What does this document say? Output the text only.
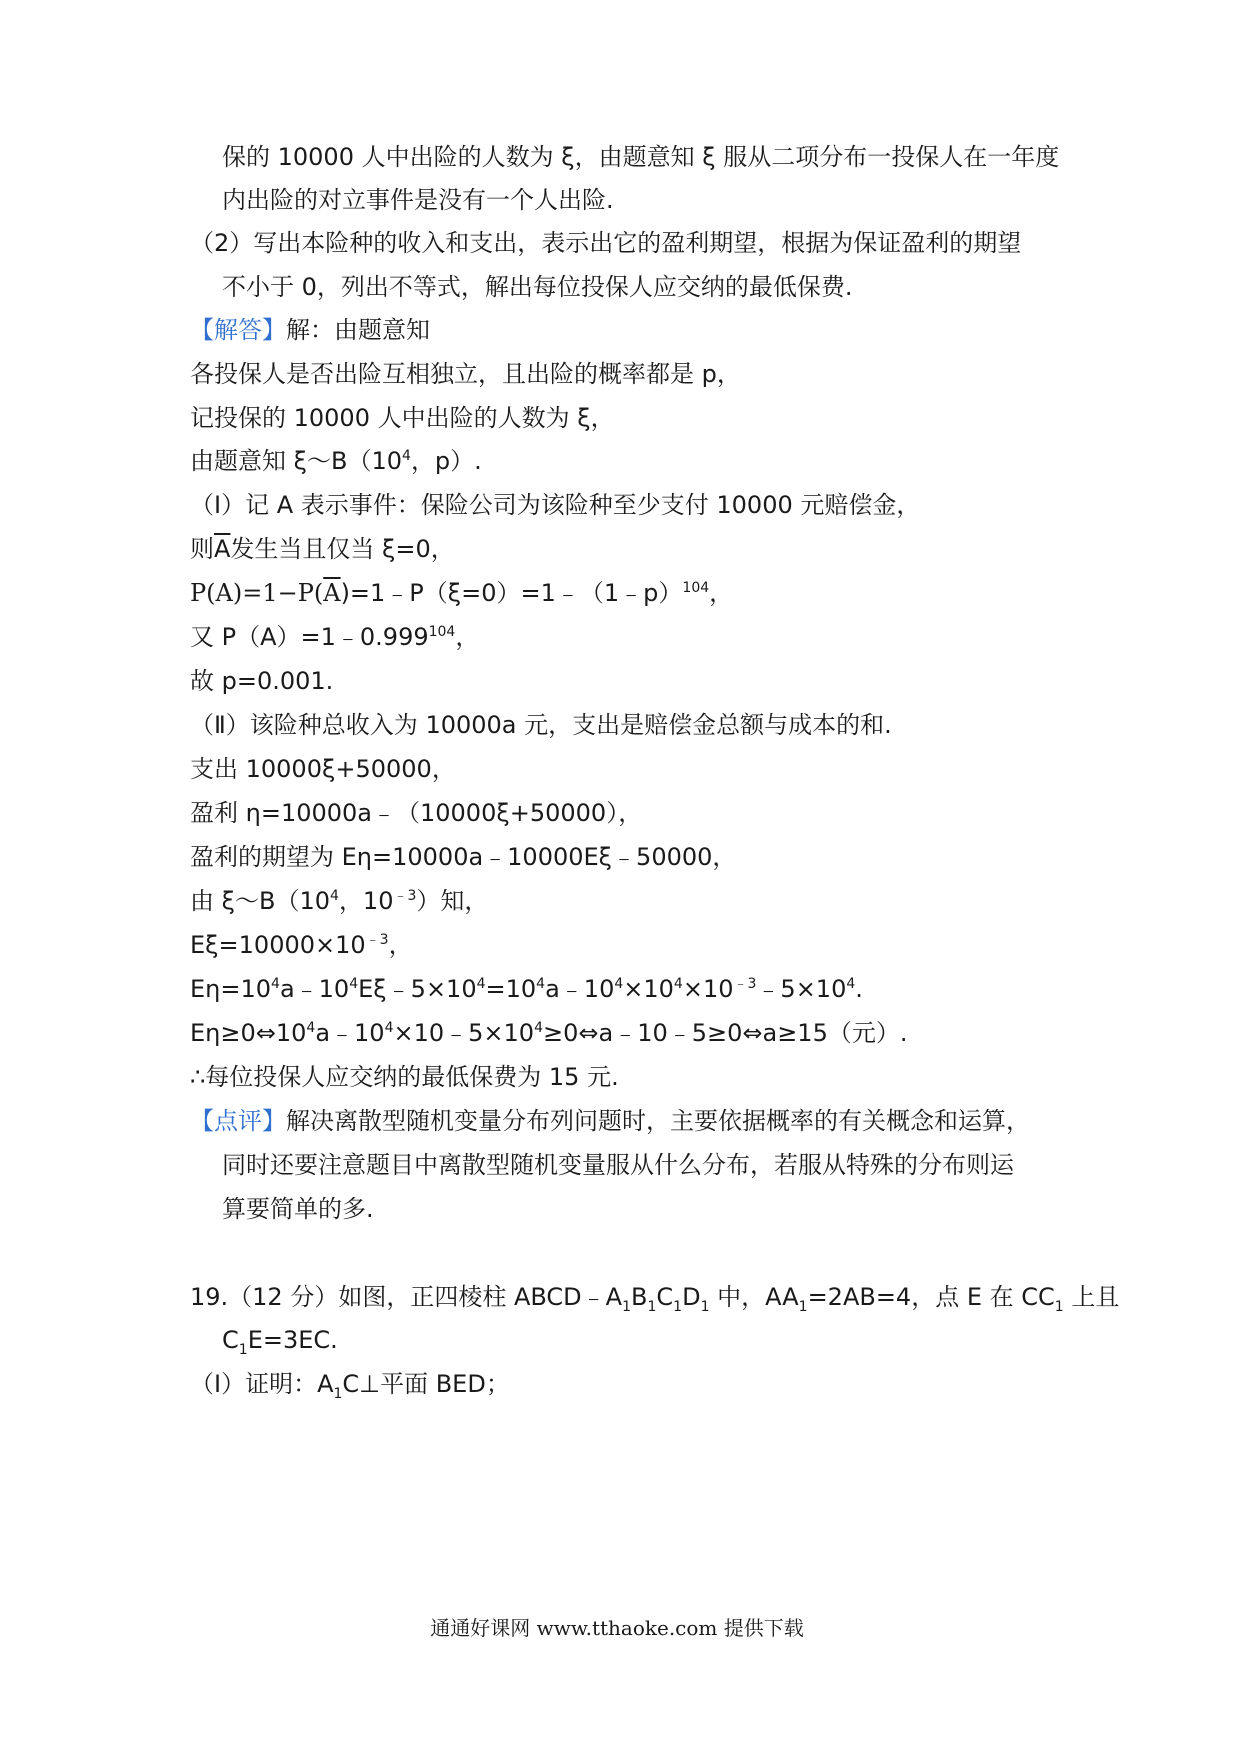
保的 10000 人中出险的人数为 ξ，由题意知 ξ 服从二项分布一投保人在一年度
内出险的对立事件是没有一个人出险.
（2）写出本险种的收入和支出，表示出它的盈利期望，根据为保证盈利的期望
不小于 0，列出不等式，解出每位投保人应交纳的最低保费.
【解答】解：由题意知
各投保人是否出险互相独立，且出险的概率都是 p，
记投保的 10000 人中出险的人数为 ξ，
由题意知 $\xi\sim B(10^4$，p）.
（Ⅰ）记 A 表示事件：保险公司为该险种至少支付 10000 元赔偿金，
则$\overline{A}$发生当且仅当 ξ=0，
$P(A)=1-P(\overline{A})=1﹣P(\xi=0)=1﹣(1﹣p)^{104}$，
又 $P(A)=1﹣0.999^{104}$，
故 p=0.001.
（Ⅱ）该险种总收入为 10000a 元，支出是赔偿金总额与成本的和.
支出 10000ξ+50000，
盈利 η=10000a﹣（10000ξ+50000），
盈利的期望为 Eη=10000a﹣10000Eξ﹣50000，
由 $\xi\sim B(10^4$，$10^{﹣3}$）知，
$E\xi=10000\times 10^{﹣3}$，
$E\eta=10^4a﹣10^4E\xi﹣5\times 10^4=10^4a﹣10^4\times 10^4\times 10^{﹣3}﹣5\times 10^4$.
$E\eta\ge 0\Leftrightarrow 10^4a﹣10^4\times 10﹣5\times 10^4\ge 0\Leftrightarrow a﹣10﹣5\ge 0\Leftrightarrow a\ge 15$（元）.
∴每位投保人应交纳的最低保费为 15 元.
【点评】解决离散型随机变量分布列问题时，主要依据概率的有关概念和运算，
同时还要注意题目中离散型随机变量服从什么分布，若服从特殊的分布则运
算要简单的多.
19.（12 分）如图，正四棱柱 $ABCD﹣A_1B_1C_1D_1$ 中，$AA_1=2AB=4$，点 E 在 $CC_1$ 上且
$C_1E=3EC$.
（Ⅰ）证明：$A_1C\perp$平面 BED；
通通好课网 www.tthaoke.com 提供下载
